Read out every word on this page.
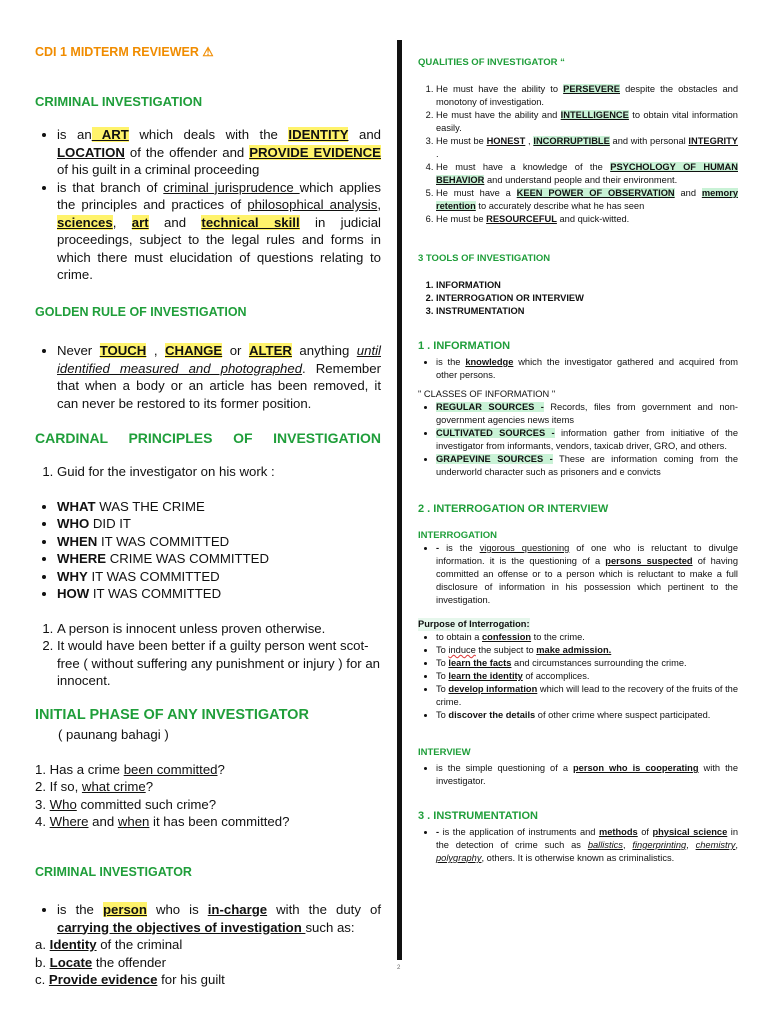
2
CDI 1 MIDTERM REVIEWER ⚠
CRIMINAL INVESTIGATION
• is an ART which deals with the IDENTITY and LOCATION of the offender and PROVIDE EVIDENCE of his guilt in a criminal proceeding
• is that branch of criminal jurisprudence which applies the principles and practices of philosophical analysis, sciences, art and technical skill in judicial proceedings, subject to the legal rules and forms in which there must elucidation of questions relating to crime.
GOLDEN RULE OF INVESTIGATION
• Never TOUCH , CHANGE or ALTER anything until identified measured and photographed. Remember that when a body or an article has been removed, it can never be restored to its former position.
CARDINAL PRINCIPLES OF INVESTIGATION
1. Guid for the investigator on his work :
• WHAT WAS THE CRIME
• WHO DID IT
• WHEN IT WAS COMMITTED
• WHERE CRIME WAS COMMITTED
• WHY IT WAS COMMITTED
• HOW IT WAS COMMITTED
1. A person is innocent unless proven otherwise.
2. It would have been better if a guilty person went scot-free ( without suffering any punishment or injury ) for an innocent.
INITIAL PHASE OF ANY INVESTIGATOR
( paunang bahagi )
1. Has a crime been committed?
2. If so, what crime?
3. Who committed such crime?
4. Where and when it has been committed?
CRIMINAL INVESTIGATOR
• is the person who is in-charge with the duty of carrying the objectives of investigation such as:
a. Identity of the criminal
b. Locate the offender
c. Provide evidence for his guilt
QUALITIES OF INVESTIGATOR “
1. He must have the ability to PERSEVERE despite the obstacles and monotony of investigation.
2. He must have the ability and INTELLIGENCE to obtain vital information easily.
3. He must be HONEST , INCORRUPTIBLE and with personal INTEGRITY .
4. He must have a knowledge of the PSYCHOLOGY OF HUMAN BEHAVIOR and understand people and their environment.
5. He must have a KEEN POWER OF OBSERVATION and memory retention to accurately describe what he has seen
6. He must be RESOURCEFUL and quick-witted.
3 TOOLS OF INVESTIGATION
1. INFORMATION
2. INTERROGATION OR INTERVIEW
3. INSTRUMENTATION
1 . INFORMATION
• is the knowledge which the investigator gathered and acquired from other persons.
" CLASSES OF INFORMATION "
• REGULAR SOURCES - Records, files from government and non-government agencies news items
• CULTIVATED SOURCES - information gather from initiative of the investigator from informants, vendors, taxicab driver, GRO, and others.
• GRAPEVINE SOURCES - These are information coming from the underworld character such as prisoners and e convicts
2 . INTERROGATION OR INTERVIEW
INTERROGATION
• - is the vigorous questioning of one who is reluctant to divulge information. it is the questioning of a persons suspected of having committed an offense or to a person which is reluctant to make a full disclosure of information in his possession which pertinent to the investigation.
Purpose of Interrogation:
• to obtain a confession to the crime.
• To induce the subject to make admission.
• To learn the facts and circumstances surrounding the crime.
• To learn the identity of accomplices.
• To develop information which will lead to the recovery of the fruits of the crime.
• To discover the details of other crime where suspect participated.
INTERVIEW
• is the simple questioning of a person who is cooperating with the investigator.
3 . INSTRUMENTATION
• - is the application of instruments and methods of physical science in the detection of crime such as ballistics, fingerprinting, chemistry, polygraphy, others. It is otherwise known as criminalistics.
